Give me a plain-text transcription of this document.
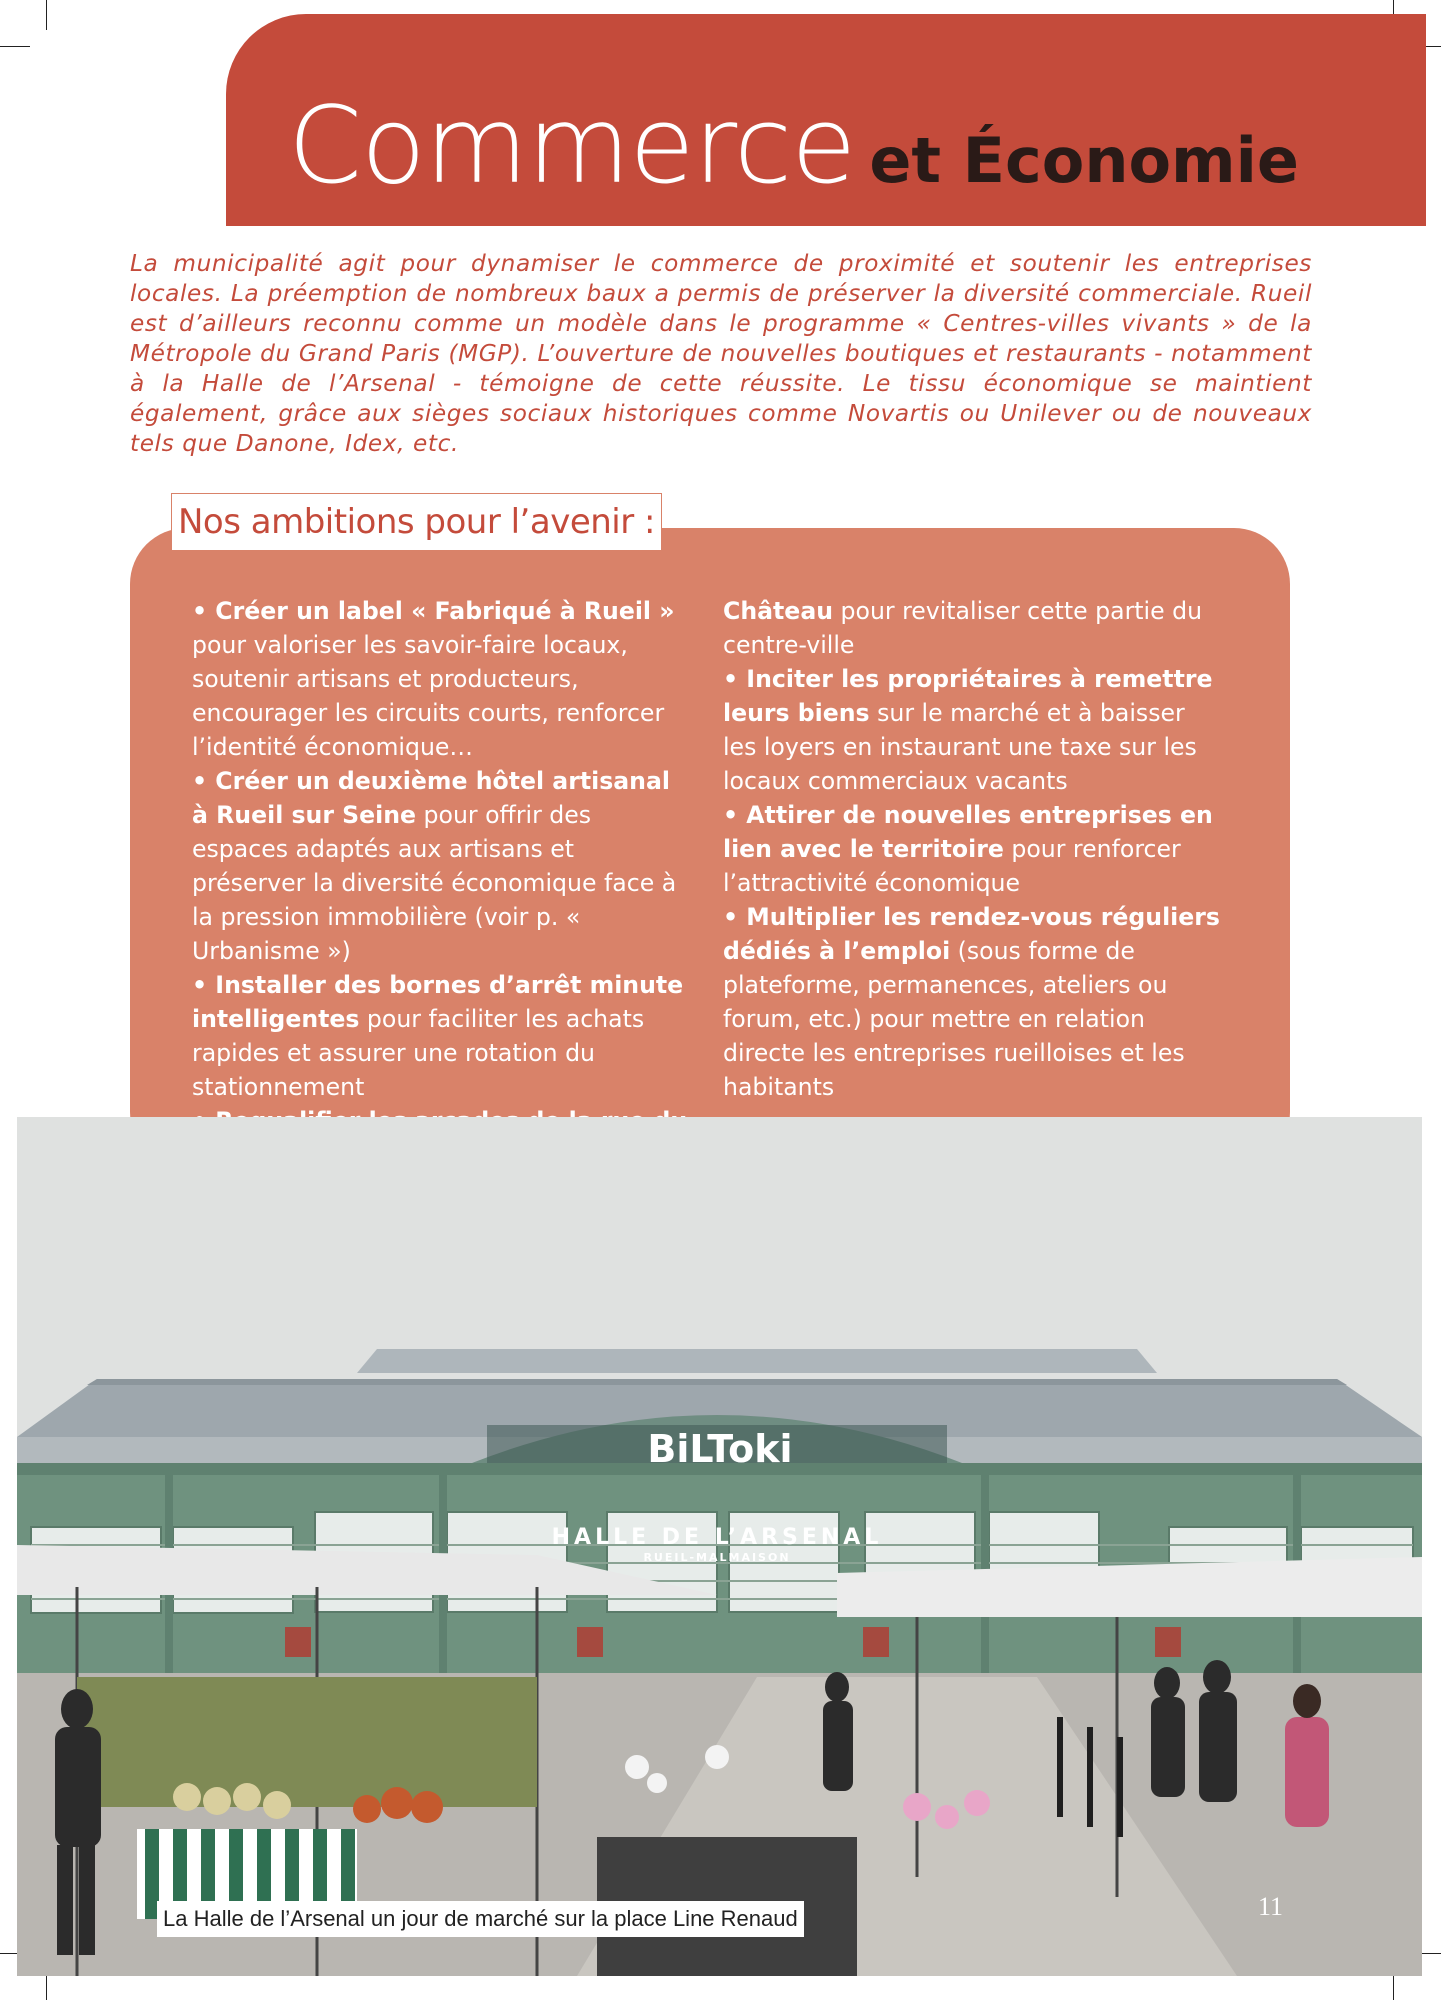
Commerce et Économie

La municipalité agit pour dynamiser le commerce de proximité et soutenir les entreprises locales. La préemption de nombreux baux a permis de préserver la diversité commerciale. Rueil est d’ailleurs reconnu comme un modèle dans le programme « Centres-villes vivants » de la Métropole du Grand Paris (MGP). L’ouverture de nouvelles boutiques et restaurants - notamment à la Halle de l’Arsenal - témoigne de cette réussite. Le tissu économique se maintient également, grâce aux sièges sociaux historiques comme Novartis ou Unilever ou de nouveaux tels que Danone, Idex, etc.

Nos ambitions pour l’avenir :

• Créer un label « Fabriqué à Rueil » pour valoriser les savoir-faire locaux, soutenir artisans et producteurs, encourager les circuits courts, renforcer l’identité économique…
• Créer un deuxième hôtel artisanal à Rueil sur Seine pour offrir des espaces adaptés aux artisans et préserver la diversité économique face à la pression immobilière (voir p. « Urbanisme »)
• Installer des bornes d’arrêt minute intelligentes pour faciliter les achats rapides et assurer une rotation du stationnement

Château pour revitaliser cette partie du centre-ville
• Inciter les propriétaires à remettre leurs biens sur le marché et à baisser les loyers en instaurant une taxe sur les locaux commerciaux vacants
• Attirer de nouvelles entreprises en lien avec le territoire pour renforcer l’attractivité économique
• Multiplier les rendez-vous réguliers dédiés à l’emploi (sous forme de plateforme, permanences, ateliers ou forum, etc.) pour mettre en relation directe les entreprises rueilloises et les habitants

BiLToki
HALLE DE L’ARSENAL
RUEIL-MALMAISON
La Halle de l’Arsenal un jour de marché sur la place Line Renaud	11
